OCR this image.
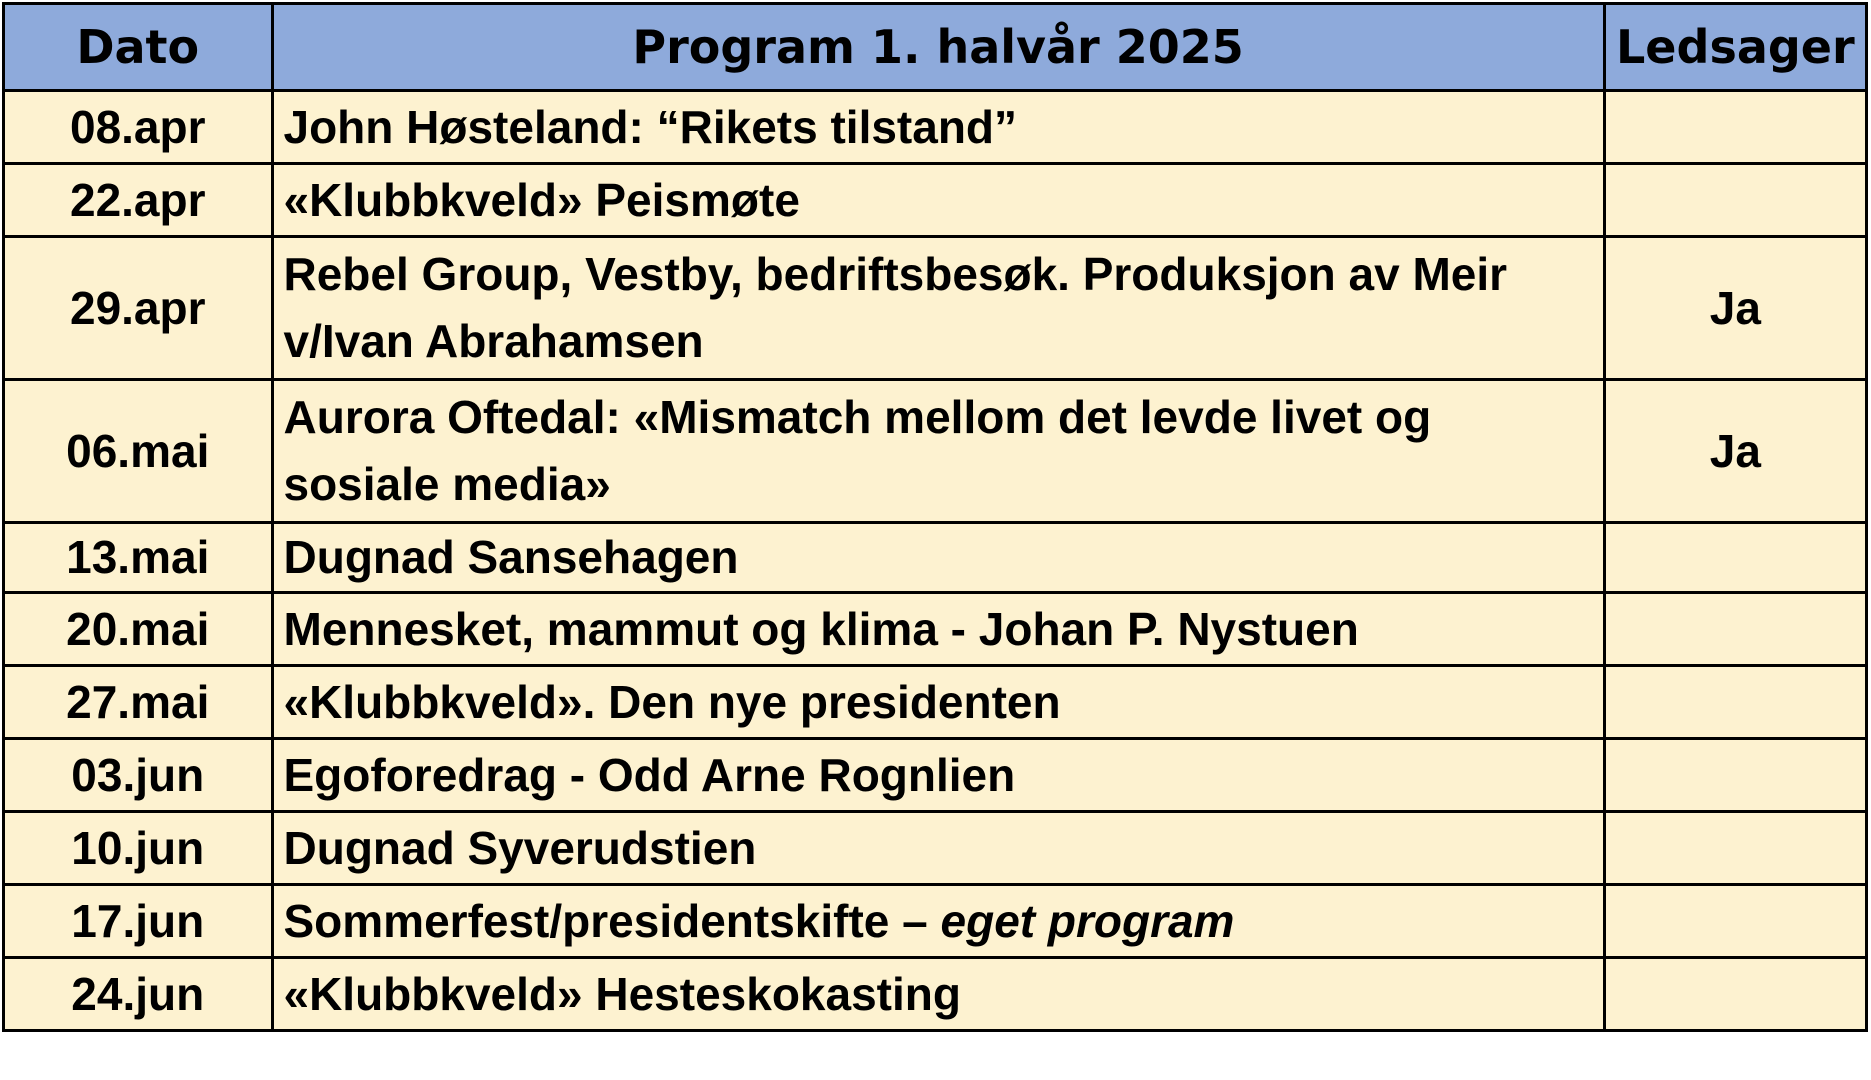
Dato	Program 1. halvår 2025	Ledsager
08.apr	John Høsteland: “Rikets tilstand”	
22.apr	«Klubbkveld» Peismøte	
29.apr	Rebel Group, Vestby, bedriftsbesøk. Produksjon av Meir v/Ivan Abrahamsen	Ja
06.mai	Aurora Oftedal: «Mismatch mellom det levde livet og sosiale media»	Ja
13.mai	Dugnad Sansehagen	
20.mai	Mennesket, mammut og klima - Johan P. Nystuen	
27.mai	«Klubbkveld». Den nye presidenten	
03.jun	Egoforedrag - Odd Arne Rognlien	
10.jun	Dugnad Syverudstien	
17.jun	Sommerfest/presidentskifte – eget program	
24.jun	«Klubbkveld» Hesteskokasting	
